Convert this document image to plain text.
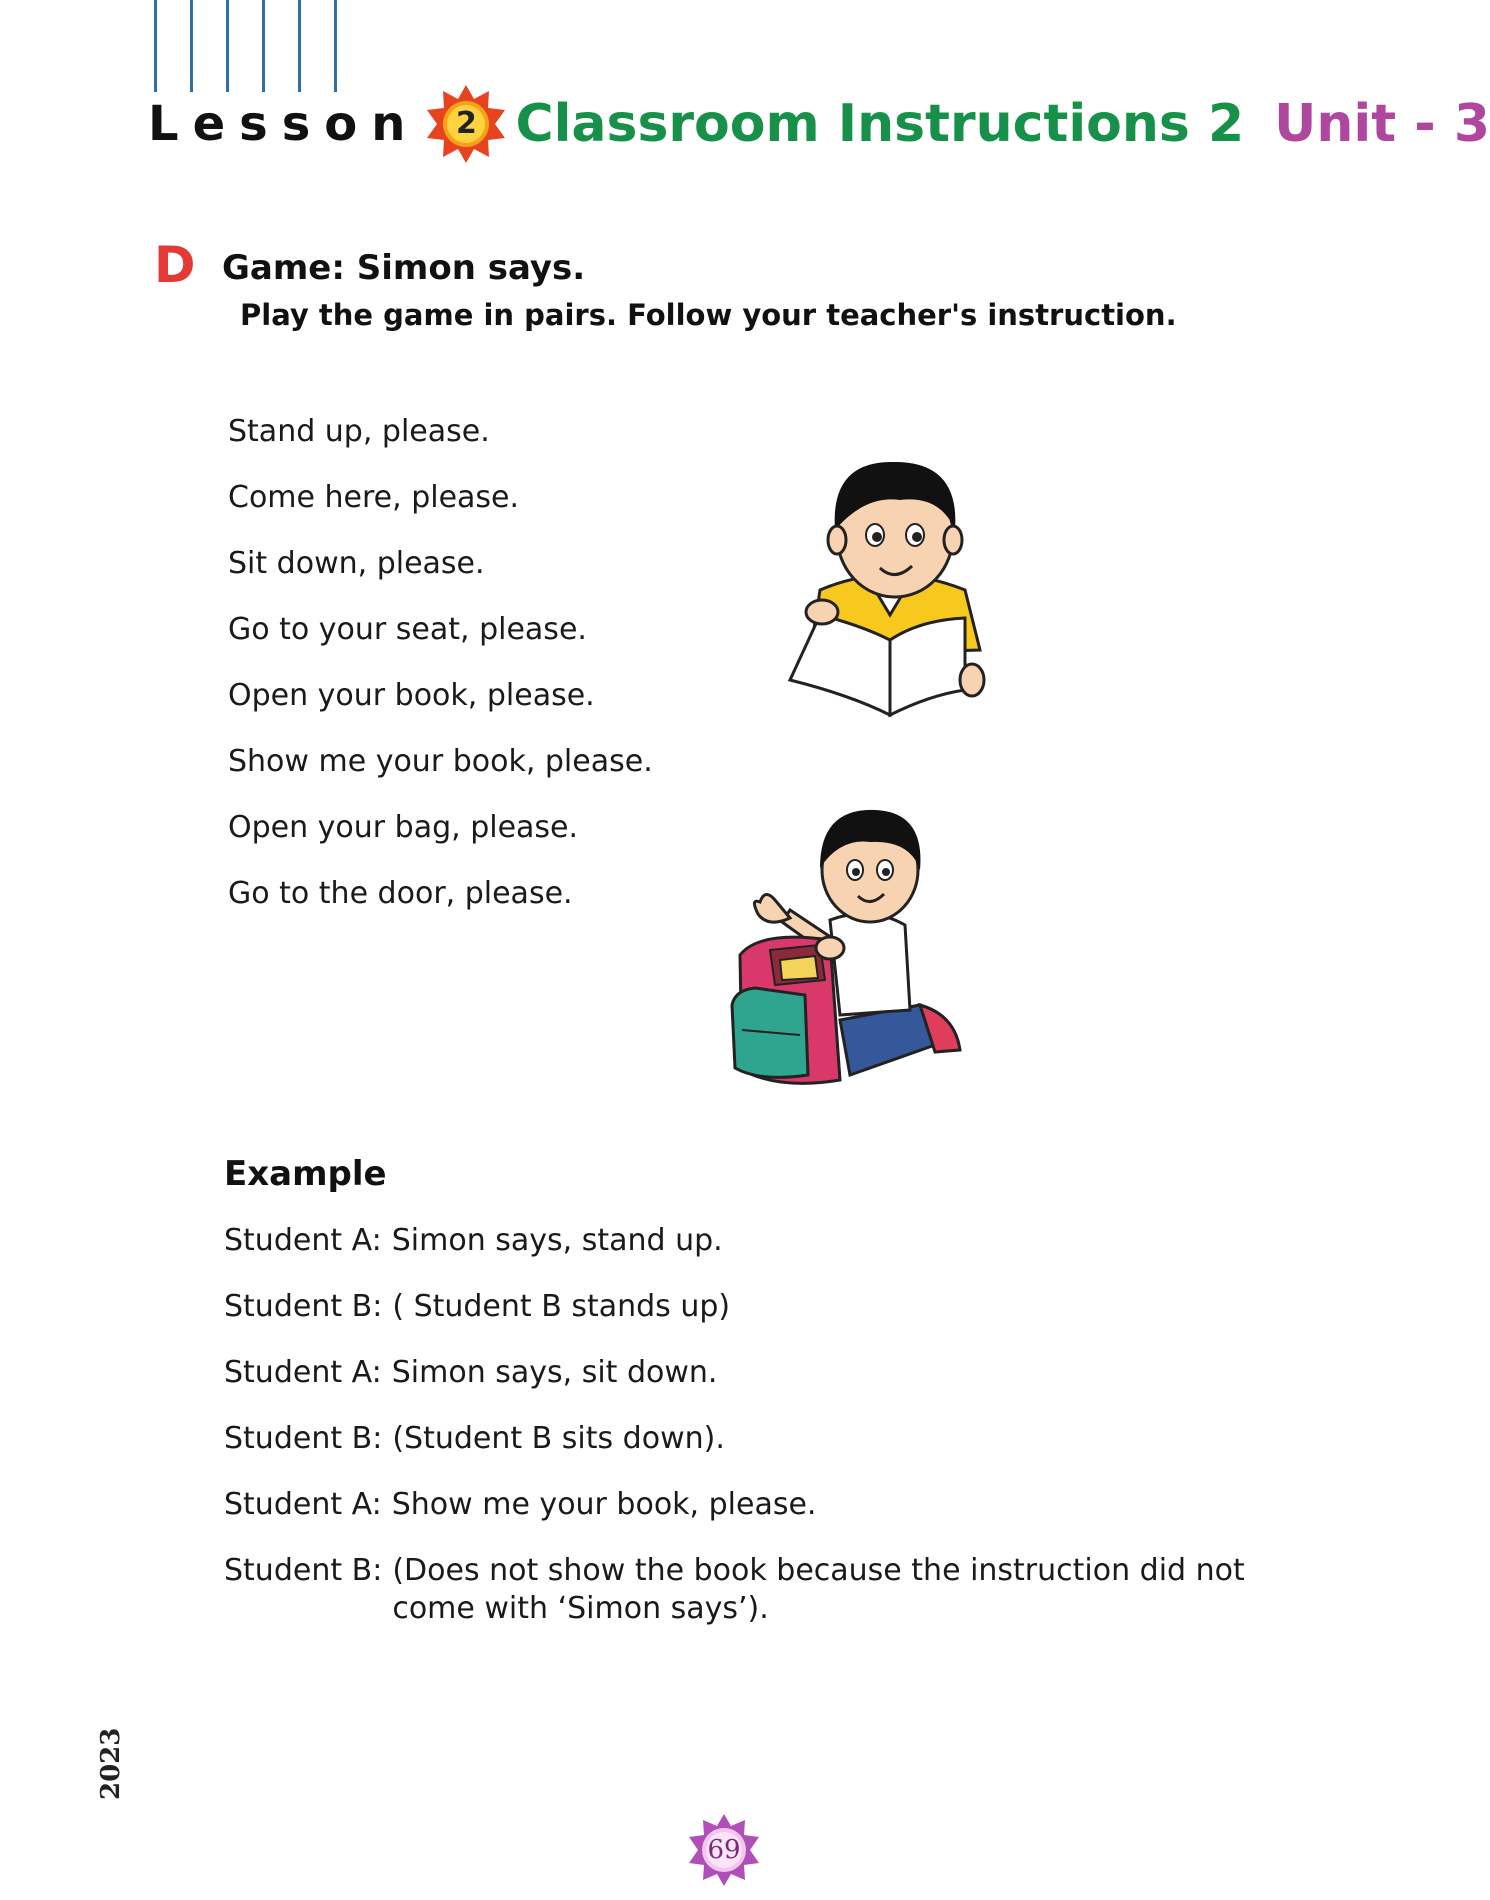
Lesson	2 Classroom Instructions 2 Unit - 3
D Game: Simon says.
Play the game in pairs. Follow your teacher's instruction.
Stand up, please.
Come here, please.
Sit down, please.
Go to your seat, please.
Open your book, please.
Show me your book, please.
Open your bag, please.
Go to the door, please.
Example
Student A: Simon says, stand up.
Student B: ( Student B stands up)
Student A: Simon says, sit down.
Student B: (Student B sits down).
Student A: Show me your book, please.
Student B: (Does not show the book because the instruction did not come with ‘Simon says’).
2023
69
